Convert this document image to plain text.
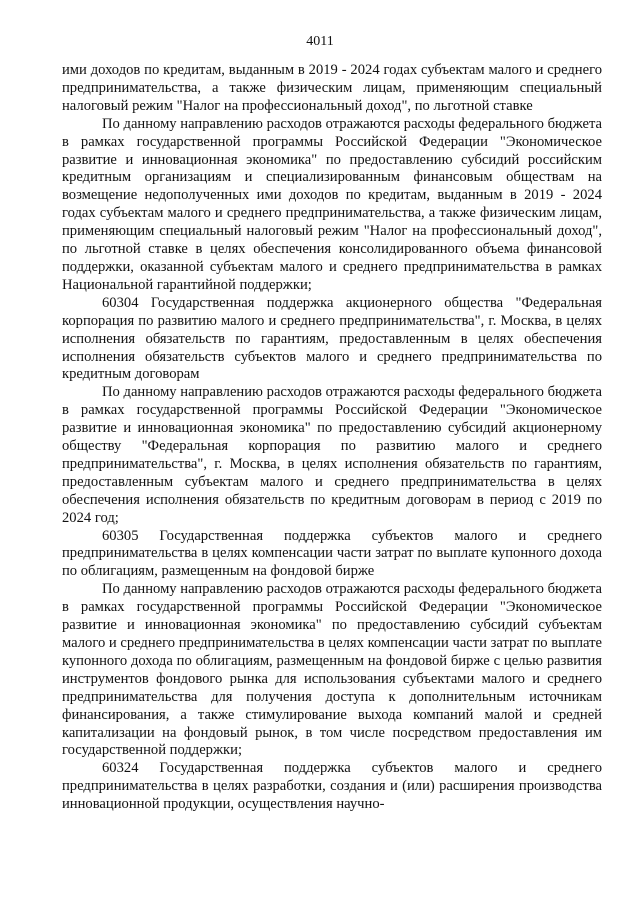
4011

ими доходов по кредитам, выданным в 2019 - 2024 годах субъектам малого и среднего предпринимательства, а также физическим лицам, применяющим специальный налоговый режим "Налог на профессиональный доход", по льготной ставке

По данному направлению расходов отражаются расходы федерального бюджета в рамках государственной программы Российской Федерации "Экономическое развитие и инновационная экономика" по предоставлению субсидий российским кредитным организациям и специализированным финансовым обществам на возмещение недополученных ими доходов по кредитам, выданным в 2019 - 2024 годах субъектам малого и среднего предпринимательства, а также физическим лицам, применяющим специальный налоговый режим "Налог на профессиональный доход", по льготной ставке в целях обеспечения консолидированного объема финансовой поддержки, оказанной субъектам малого и среднего предпринимательства в рамках Национальной гарантийной поддержки;

60304 Государственная поддержка акционерного общества "Федеральная корпорация по развитию малого и среднего предпринимательства", г. Москва, в целях исполнения обязательств по гарантиям, предоставленным в целях обеспечения исполнения обязательств субъектов малого и среднего предпринимательства по кредитным договорам

По данному направлению расходов отражаются расходы федерального бюджета в рамках государственной программы Российской Федерации "Экономическое развитие и инновационная экономика" по предоставлению субсидий акционерному обществу "Федеральная корпорация по развитию малого и среднего предпринимательства", г. Москва, в целях исполнения обязательств по гарантиям, предоставленным субъектам малого и среднего предпринимательства в целях обеспечения исполнения обязательств по кредитным договорам в период с 2019 по 2024 год;

60305 Государственная поддержка субъектов малого и среднего предпринимательства в целях компенсации части затрат по выплате купонного дохода по облигациям, размещенным на фондовой бирже

По данному направлению расходов отражаются расходы федерального бюджета в рамках государственной программы Российской Федерации "Экономическое развитие и инновационная экономика" по предоставлению субсидий субъектам малого и среднего предпринимательства в целях компенсации части затрат по выплате купонного дохода по облигациям, размещенным на фондовой бирже с целью развития инструментов фондового рынка для использования субъектами малого и среднего предпринимательства для получения доступа к дополнительным источникам финансирования, а также стимулирование выхода компаний малой и средней капитализации на фондовый рынок, в том числе посредством предоставления им государственной поддержки;

60324 Государственная поддержка субъектов малого и среднего предпринимательства в целях разработки, создания и (или) расширения производства инновационной продукции, осуществления научно-
